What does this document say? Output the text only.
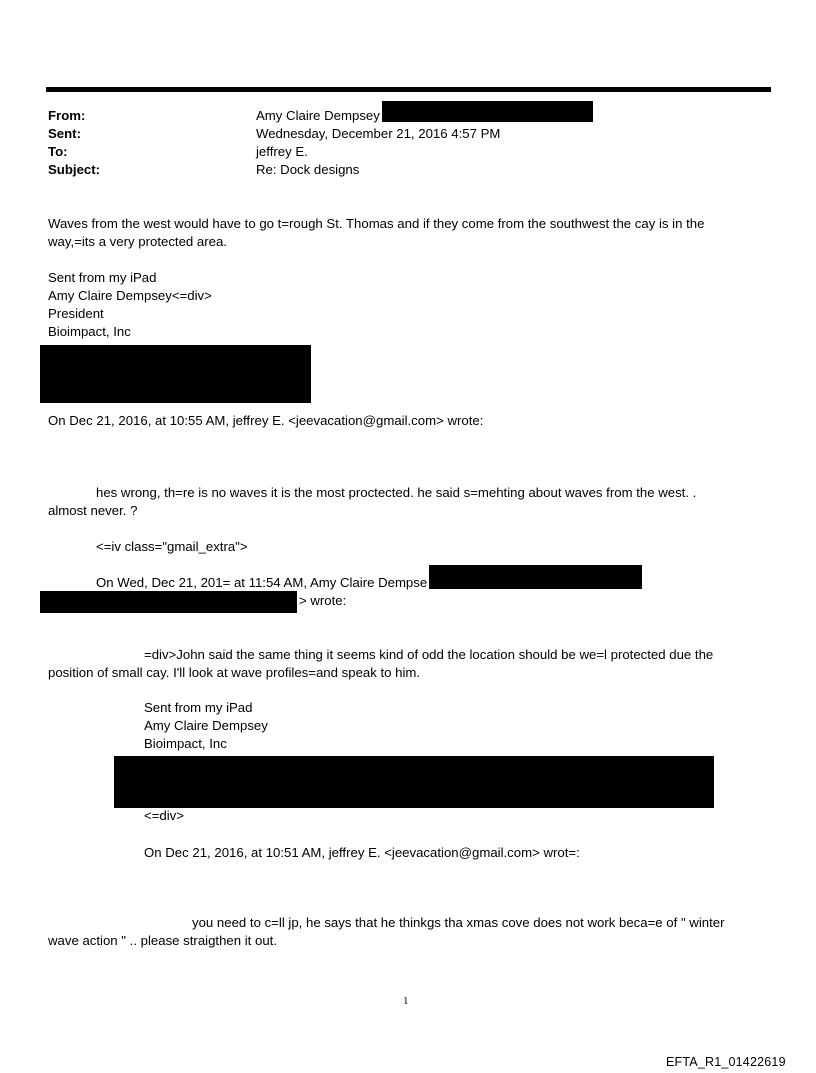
From:	Amy Claire Dempsey
Sent:	Wednesday, December 21, 2016 4:57 PM
To:	jeffrey E.
Subject:	Re: Dock designs
Waves from the west would have to go t=rough St. Thomas and if they come from the southwest the cay is in the
way,=its a very protected area.
Sent from my iPad
Amy Claire Dempsey<=div>
President
Bioimpact, Inc
On Dec 21, 2016, at 10:55 AM, jeffrey E. <jeevacation@gmail.com> wrote:
hes wrong, th=re is no waves it is the most proctected. he said s=mehting about waves from the west. .
almost never. ?
<=iv class="gmail_extra">
On Wed, Dec 21, 201= at 11:54 AM, Amy Claire Dempse
> wrote:
=div>John said the same thing it seems kind of odd the location should be we=l protected due the
position of small cay. I'll look at wave profiles=and speak to him.
Sent from my iPad
Amy Claire Dempsey
Bioimpact, Inc
<=div>
On Dec 21, 2016, at 10:51 AM, jeffrey E. <jeevacation@gmail.com> wrot=:
you need to c=ll jp, he says that he thinkgs tha xmas cove does not work beca=e of " winter
wave action " .. please straigthen it out.
1
EFTA_R1_01422619
